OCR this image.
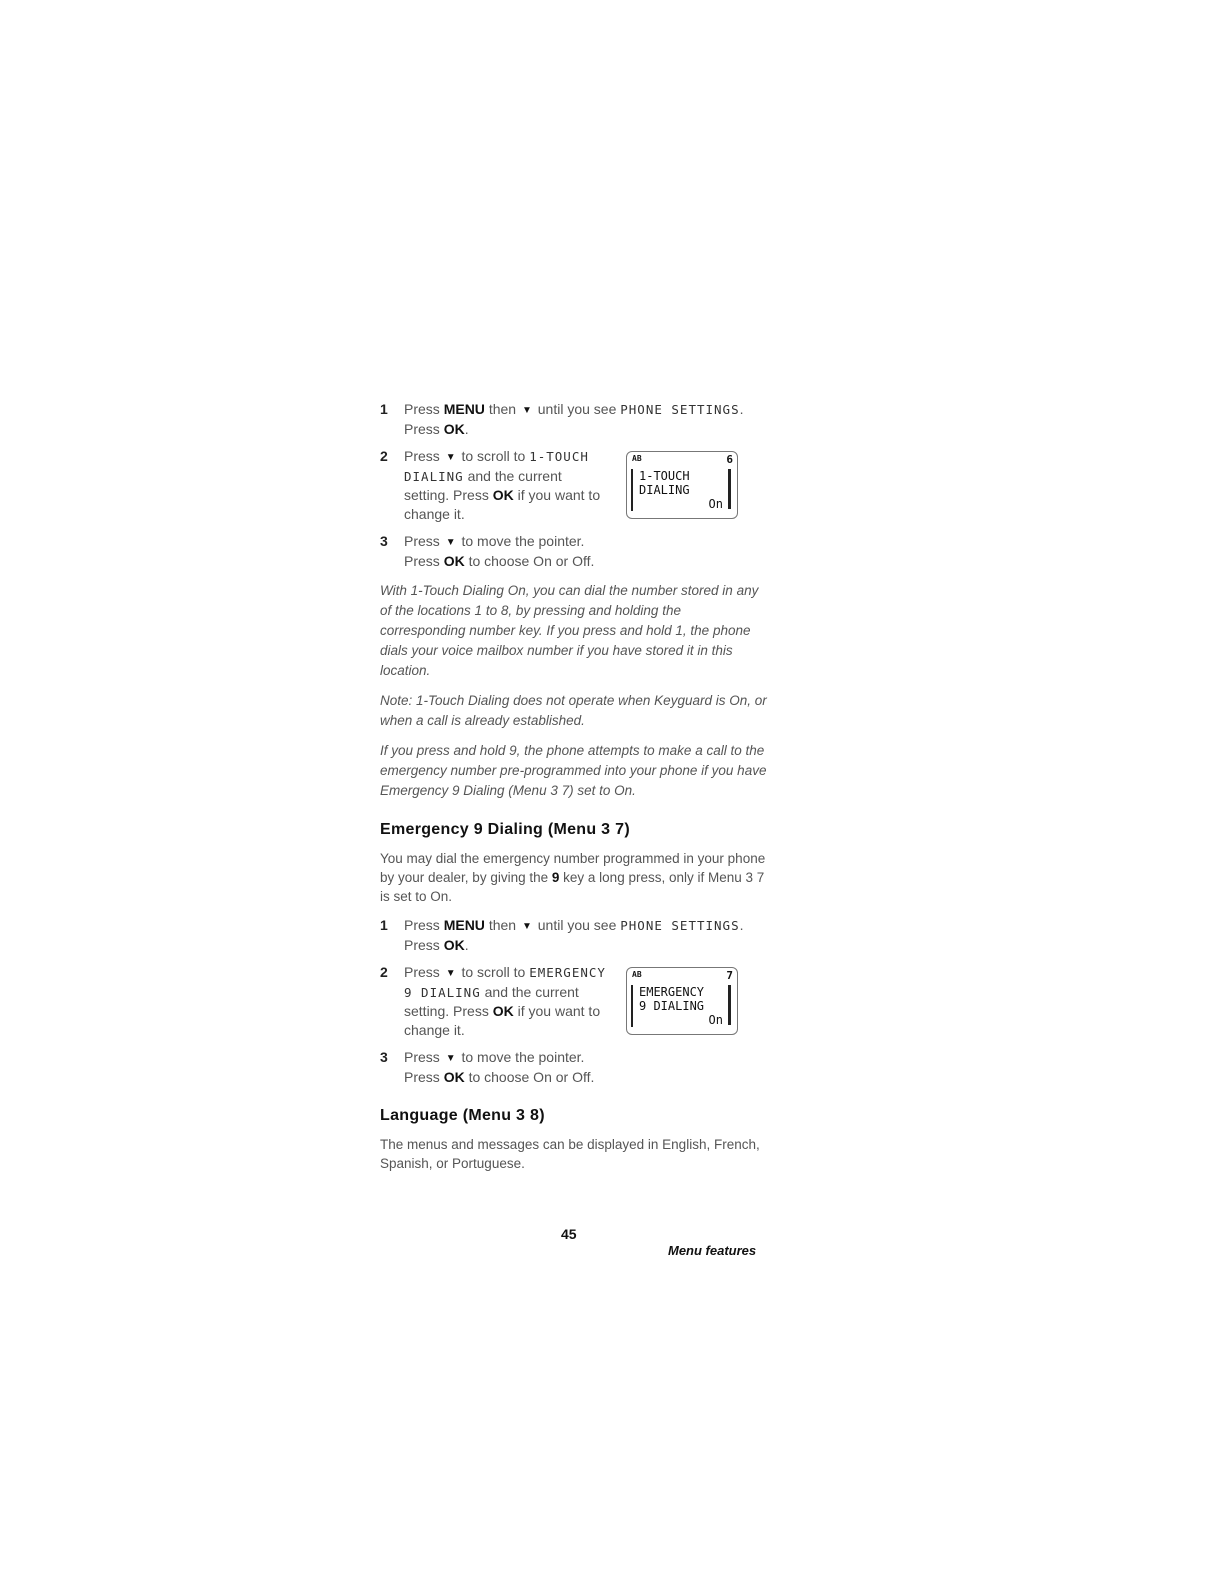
1	Press MENU then ▼ until you see PHONE SETTINGS. Press OK.
2	Press ▼ to scroll to 1-TOUCH DIALING and the current setting. Press OK if you want to change it.
AB	6
1-TOUCH
DIALING
On
3	Press ▼ to move the pointer.
Press OK to choose On or Off.

With 1-Touch Dialing On, you can dial the number stored in any of the locations 1 to 8, by pressing and holding the corresponding number key. If you press and hold 1, the phone dials your voice mailbox number if you have stored it in this location.

Note: 1-Touch Dialing does not operate when Keyguard is On, or when a call is already established.

If you press and hold 9, the phone attempts to make a call to the emergency number pre-programmed into your phone if you have Emergency 9 Dialing (Menu 3 7) set to On.

Emergency 9 Dialing (Menu 3 7)

You may dial the emergency number programmed in your phone by your dealer, by giving the 9 key a long press, only if Menu 3 7 is set to On.

1	Press MENU then ▼ until you see PHONE SETTINGS. Press OK.
2	Press ▼ to scroll to EMERGENCY 9 DIALING and the current setting. Press OK if you want to change it.
AB	7
EMERGENCY
9 DIALING
On
3	Press ▼ to move the pointer.
Press OK to choose On or Off.
Language (Menu 3 8)

The menus and messages can be displayed in English, French, Spanish, or Portuguese.

45
Menu features
